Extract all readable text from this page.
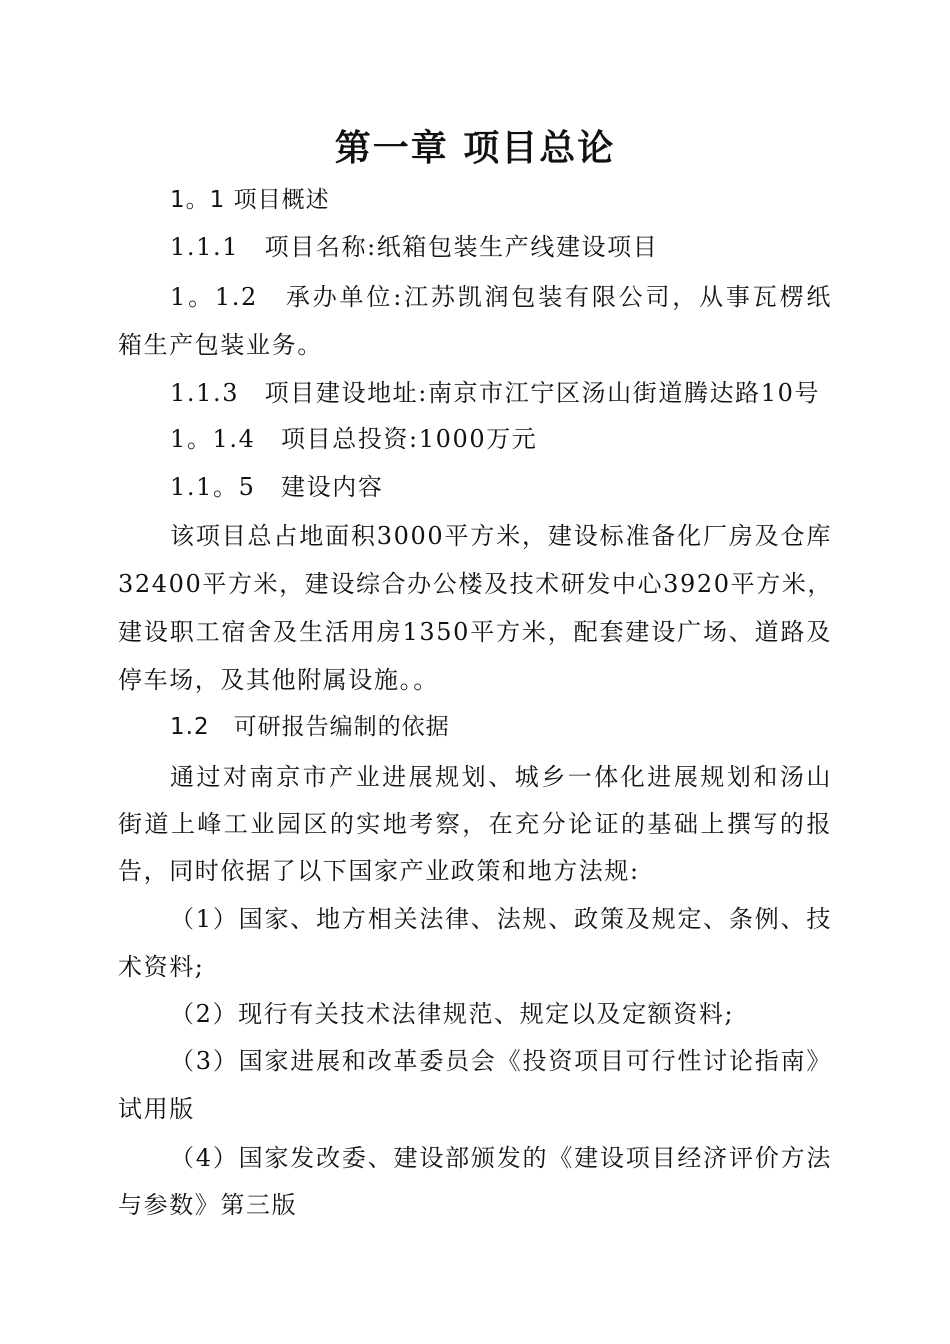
第一章 项目总论
1。1 项目概述
1.1.1　项目名称:纸箱包装生产线建设项目
1。1.2　承办单位:江苏凯润包装有限公司，从事瓦楞纸
箱生产包装业务。
1.1.3　项目建设地址:南京市江宁区汤山街道腾达路10号
1。1.4　项目总投资:1000万元
1.1。5　建设内容
该项目总占地面积3000平方米，建设标准备化厂房及仓库
32400平方米，建设综合办公楼及技术研发中心3920平方米，
建设职工宿舍及生活用房1350平方米，配套建设广场、道路及
停车场，及其他附属设施。。
1.2　可研报告编制的依据
通过对南京市产业进展规划、城乡一体化进展规划和汤山
街道上峰工业园区的实地考察，在充分论证的基础上撰写的报
告，同时依据了以下国家产业政策和地方法规:
（1）国家、地方相关法律、法规、政策及规定、条例、技
术资料;
（2）现行有关技术法律规范、规定以及定额资料;
（3）国家进展和改革委员会《投资项目可行性讨论指南》
试用版
（4）国家发改委、建设部颁发的《建设项目经济评价方法
与参数》第三版
